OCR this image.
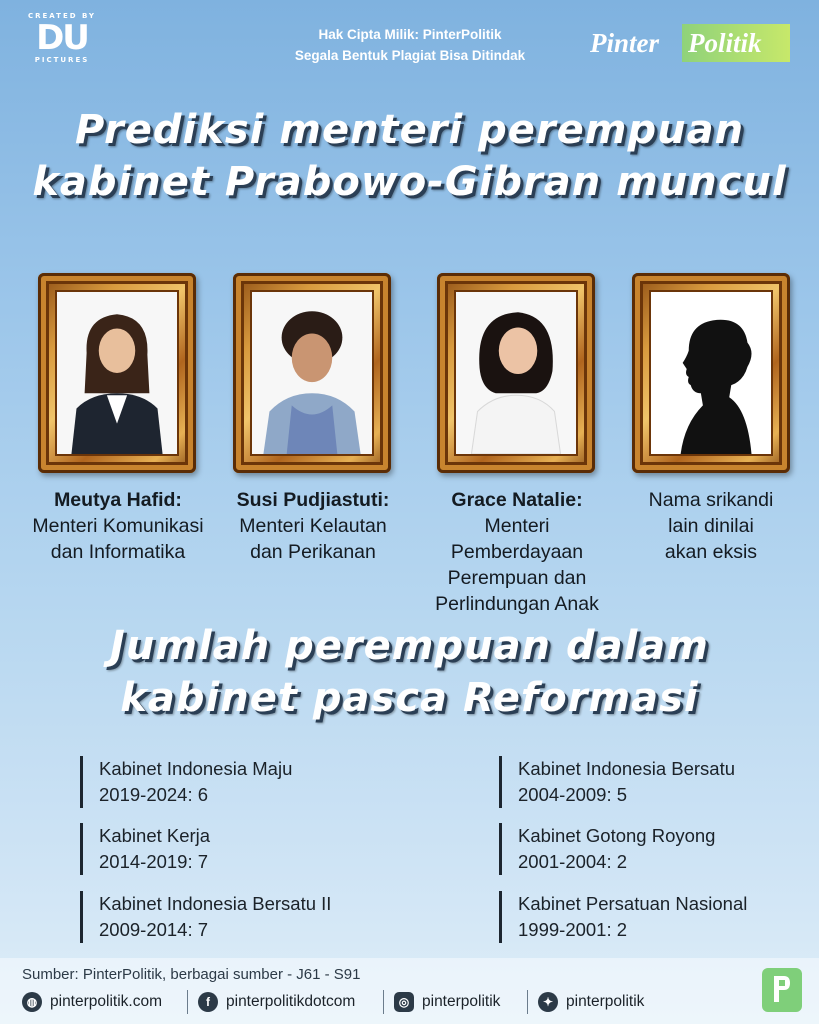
CREATED BY
DU
PICTURES
Hak Cipta Milik: PinterPolitik
Segala Bentuk Plagiat Bisa Ditindak	Pinter Politik
Prediksi menteri perempuan
kabinet Prabowo-Gibran muncul
Meutya Hafid:
Menteri Komunikasi
dan Informatika
Susi Pudjiastuti:
Menteri Kelautan
dan Perikanan
Grace Natalie:
Menteri Pemberdayaan
Perempuan dan
Perlindungan Anak
Nama srikandi
lain dinilai
akan eksis
Jumlah perempuan dalam
kabinet pasca Reformasi
Kabinet Indonesia Maju
2019-2024: 6
Kabinet Kerja
2014-2019: 7
Kabinet Indonesia Bersatu II
2009-2014: 7
Kabinet Indonesia Bersatu
2004-2009: 5
Kabinet Gotong Royong
2001-2004: 2
Kabinet Persatuan Nasional
1999-2001: 2
Sumber: PinterPolitik, berbagai sumber - J61 - S91
◍ pinterpolitik.com	f	pinterpolitikdotcom	◎ pinterpolitik	✦ pinterpolitik
